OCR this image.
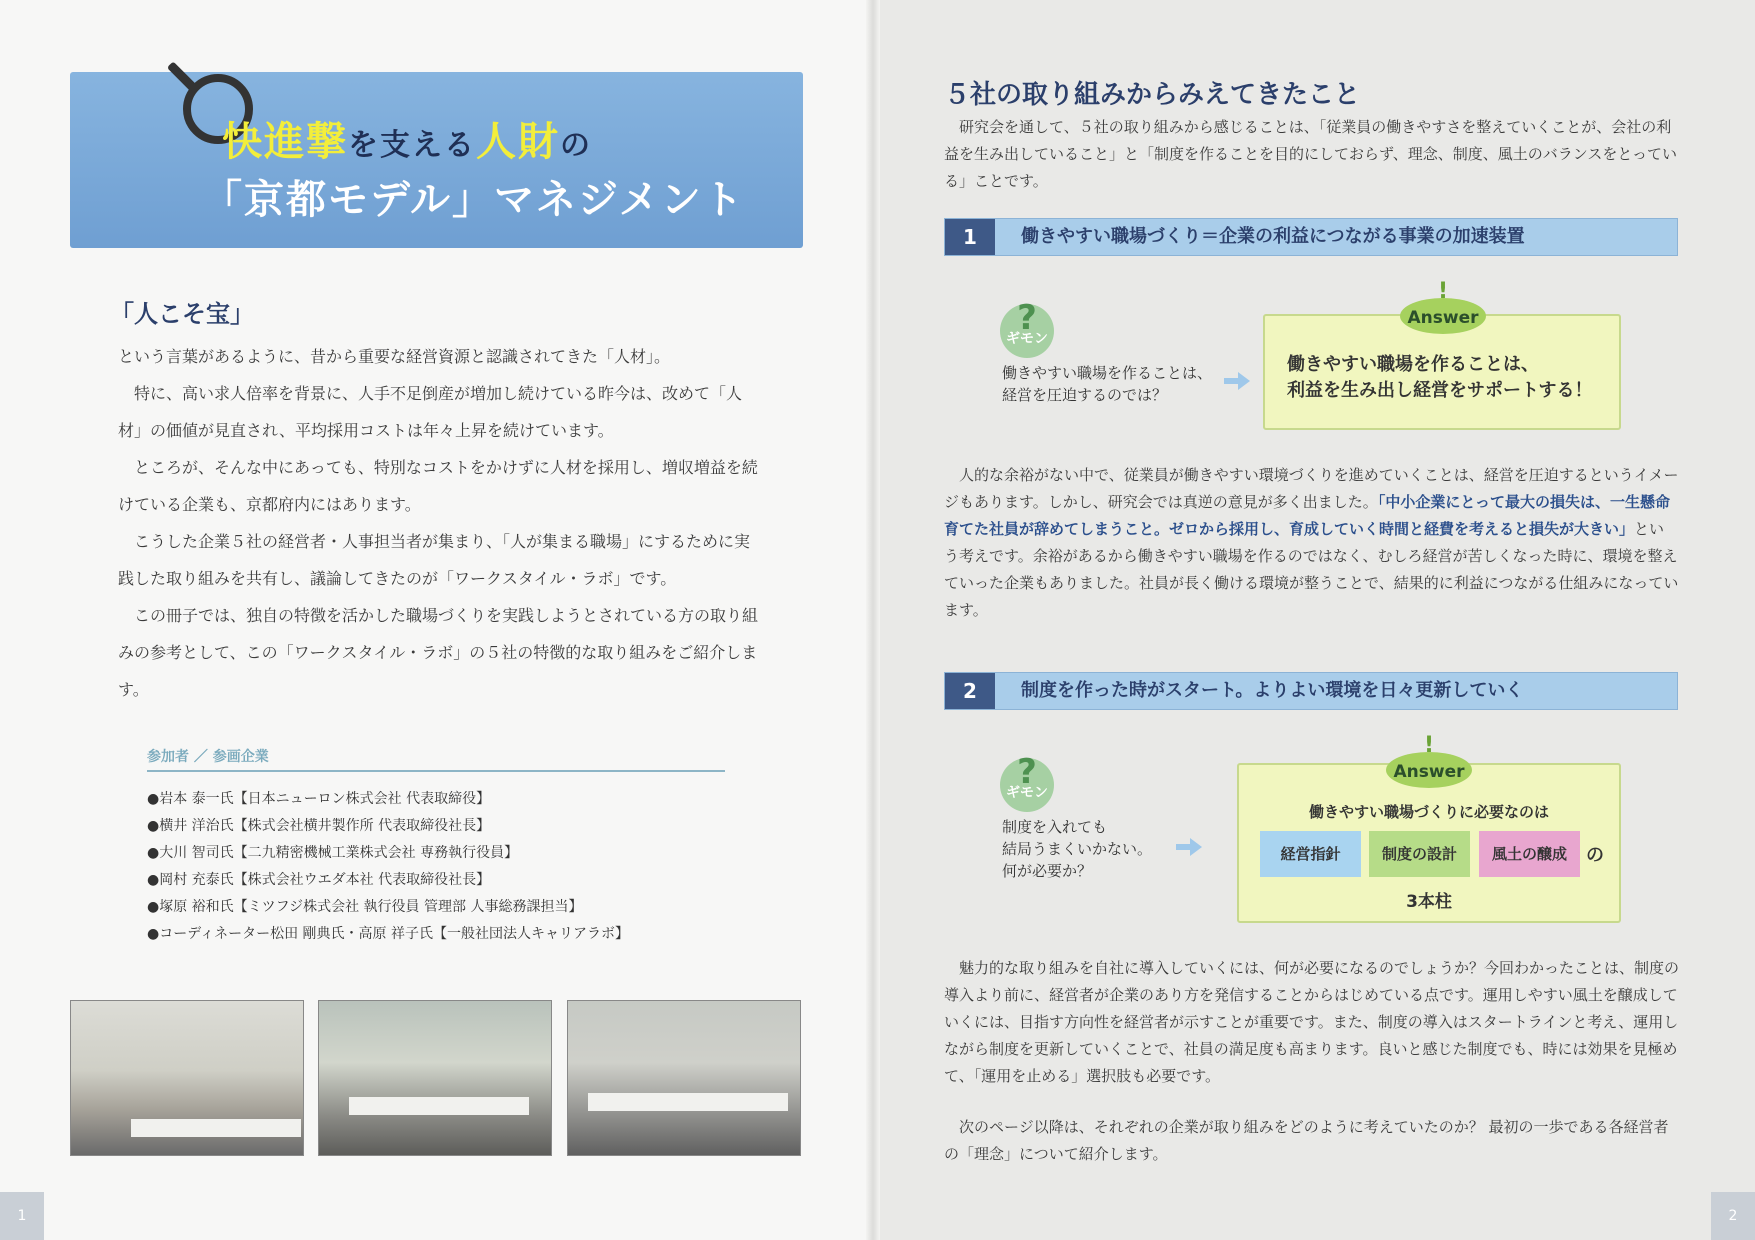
快進撃を支える人財の
「京都モデル」マネジメント
「人こそ宝」

という言葉があるように、昔から重要な経営資源と認識されてきた「人材」。

特に、高い求人倍率を背景に、人手不足倒産が増加し続けている昨今は、改めて「人材」の価値が見直され、平均採用コストは年々上昇を続けています。

ところが、そんな中にあっても、特別なコストをかけずに人材を採用し、増収増益を続けている企業も、京都府内にはあります。

こうした企業５社の経営者・人事担当者が集まり、「人が集まる職場」にするために実践した取り組みを共有し、議論してきたのが「ワークスタイル・ラボ」です。

この冊子では、独自の特徴を活かした職場づくりを実践しようとされている方の取り組みの参考として、この「ワークスタイル・ラボ」の５社の特徴的な取り組みをご紹介します。

参加者 ／ 参画企業
●岩本 泰一氏【日本ニューロン株式会社 代表取締役】
●横井 洋治氏【株式会社横井製作所 代表取締役社長】
●大川 智司氏【二九精密機械工業株式会社 専務執行役員】
●岡村 充泰氏【株式会社ウエダ本社 代表取締役社長】
●塚原 裕和氏【ミツフジ株式会社 執行役員 管理部 人事総務課担当】
●コーディネーター松田 剛典氏・高原 祥子氏【一般社団法人キャリアラボ】
1
５社の取り組みからみえてきたこと

研究会を通して、５社の取り組みから感じることは、「従業員の働きやすさを整えていくことが、会社の利益を生み出していること」と「制度を作ることを目的にしておらず、理念、制度、風土のバランスをとっている」ことです。

1	働きやすい職場づくり＝企業の利益につながる事業の加速装置
?
ギモン
働きやすい職場を作ることは、
経営を圧迫するのでは？
働きやすい職場を作ることは、
利益を生み出し経営をサポートする！
!
Answer

人的な余裕がない中で、従業員が働きやすい環境づくりを進めていくことは、経営を圧迫するというイメージもあります。しかし、研究会では真逆の意見が多く出ました。「中小企業にとって最大の損失は、一生懸命育てた社員が辞めてしまうこと。ゼロから採用し、育成していく時間と経費を考えると損失が大きい」という考えです。余裕があるから働きやすい職場を作るのではなく、むしろ経営が苦しくなった時に、環境を整えていった企業もありました。社員が長く働ける環境が整うことで、結果的に利益につながる仕組みになっています。

2	制度を作った時がスタート。よりよい環境を日々更新していく
?
ギモン
制度を入れても
結局うまくいかない。
何が必要か？
働きやすい職場づくりに必要なのは
経営指針	制度の設計	風土の醸成	の
3本柱
!
Answer

魅力的な取り組みを自社に導入していくには、何が必要になるのでしょうか？今回わかったことは、制度の導入より前に、経営者が企業のあり方を発信することからはじめている点です。運用しやすい風土を醸成していくには、目指す方向性を経営者が示すことが重要です。また、制度の導入はスタートラインと考え、運用しながら制度を更新していくことで、社員の満足度も高まります。良いと感じた制度でも、時には効果を見極めて、「運用を止める」選択肢も必要です。

次のページ以降は、それぞれの企業が取り組みをどのように考えていたのか？ 最初の一歩である各経営者の「理念」について紹介します。

2
